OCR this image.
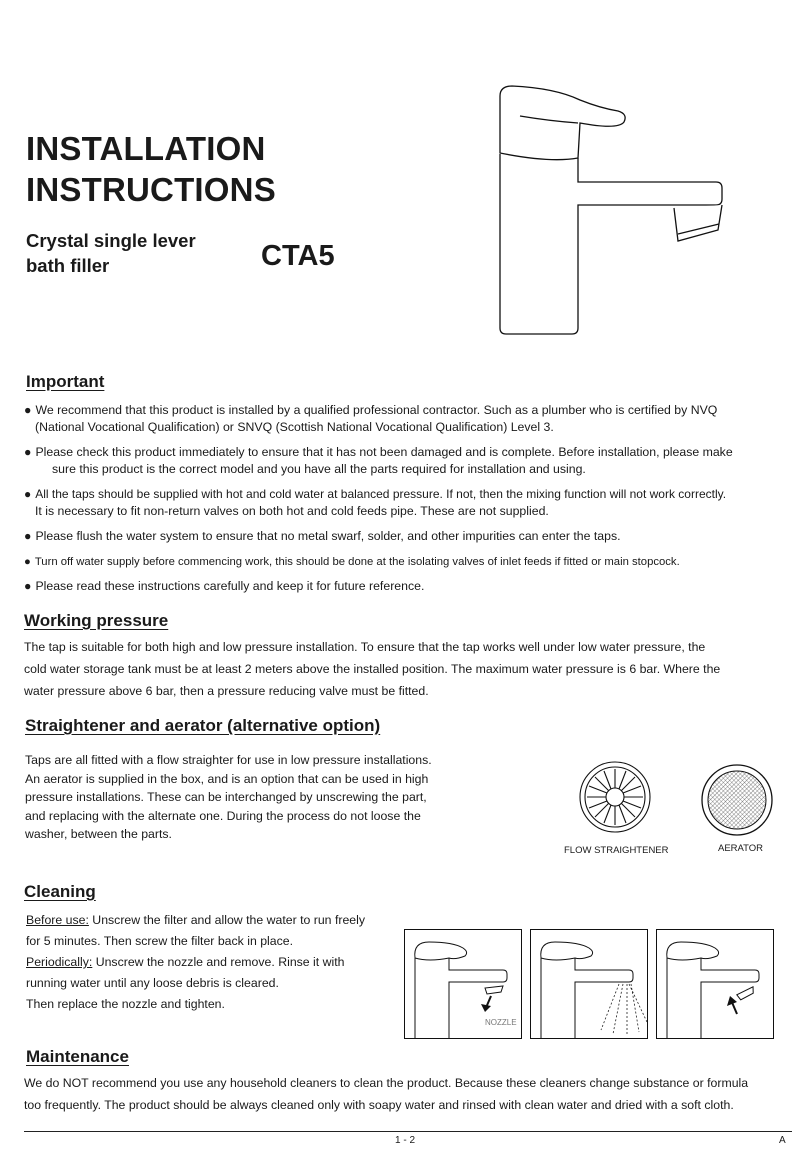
INSTALLATION
INSTRUCTIONS
Crystal single lever
bath filler	CTA5
Important
● We recommend that this product is installed by a qualified professional contractor. Such as a plumber who is certified by NVQ
(National Vocational Qualification) or SNVQ (Scottish National Vocational Qualification) Level 3.
● Please check this product immediately to ensure that it has not been damaged and is complete. Before installation, please make
sure this product is the correct model and you have all the parts required for installation and using.
● All the taps should be supplied with hot and cold water at balanced pressure. If not, then the mixing function will not work correctly.
It is necessary to fit non-return valves on both hot and cold feeds pipe. These are not supplied.
● Please flush the water system to ensure that no metal swarf, solder, and other impurities can enter the taps.
● Turn off water supply before commencing work, this should be done at the isolating valves of inlet feeds if fitted or main stopcock.
● Please read these instructions carefully and keep it for future reference.
Working pressure
The tap is suitable for both high and low pressure installation. To ensure that the tap works well under low water pressure, the
cold water storage tank must be at least 2 meters above the installed position. The maximum water pressure is 6 bar. Where the
water pressure above 6 bar, then a pressure reducing valve must be fitted.
Straightener and aerator (alternative option)
Taps are all fitted with a flow straighter for use in low pressure installations.
An aerator is supplied in the box, and is an option that can be used in high
pressure installations. These can be interchanged by unscrewing the part,
and replacing with the alternate one. During the process do not loose the
washer, between the parts.
FLOW STRAIGHTENER	AERATOR
Cleaning
Before use: Unscrew the filter and allow the water to run freely
for 5 minutes. Then screw the filter back in place.
Periodically: Unscrew the nozzle and remove. Rinse it with
running water until any loose debris is cleared.
Then replace the nozzle and tighten.
NOZZLE
Maintenance
We do NOT recommend you use any household cleaners to clean the product. Because these cleaners change substance or formula
too frequently. The product should be always cleaned only with soapy water and rinsed with clean water and dried with a soft cloth.
1 - 2	A
